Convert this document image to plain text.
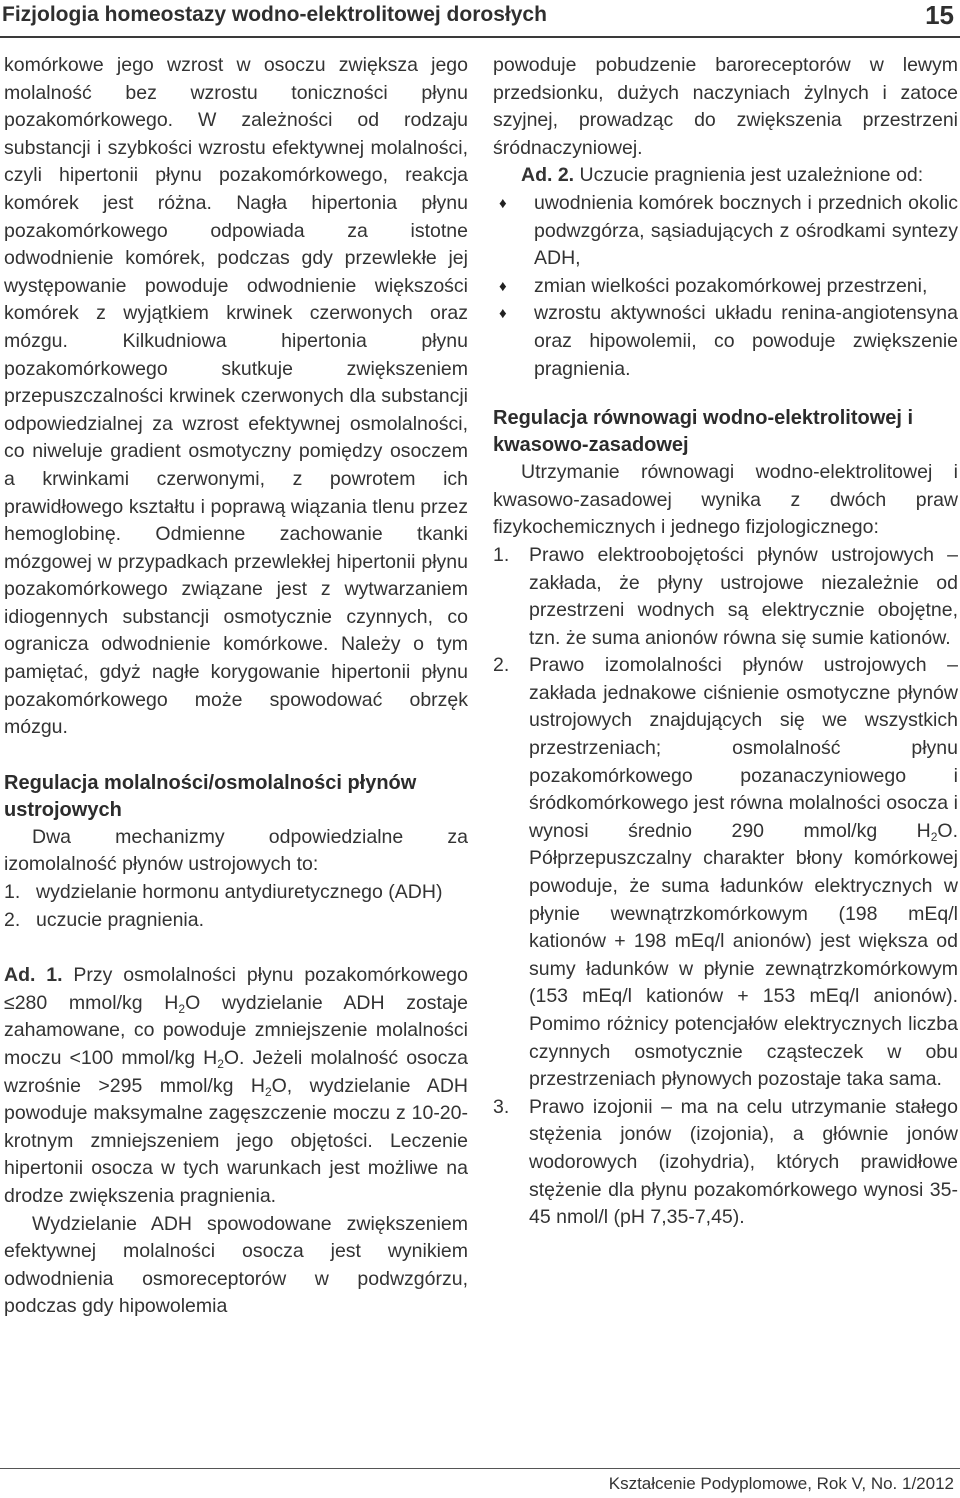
Fizjologia homeostazy wodno-elektrolitowej dorosłych	15

komórkowe jego wzrost w osoczu zwiększa jego molalność bez wzrostu toniczności płynu pozakomórkowego. W zależności od rodzaju substancji i szybkości wzrostu efektywnej molalności, czyli hipertonii płynu pozakomórkowego, reakcja komórek jest różna. Nagła hipertonia płynu pozakomórkowego odpowiada za istotne odwodnienie komórek, podczas gdy przewlekłe jej występowanie powoduje odwodnienie większości komórek z wyjątkiem krwinek czerwonych oraz mózgu. Kilkudniowa hipertonia płynu pozakomórkowego skutkuje zwiększeniem przepuszczalności krwinek czerwonych dla substancji odpowiedzialnej za wzrost efektywnej osmolalności, co niweluje gradient osmotyczny pomiędzy osoczem a krwinkami czerwonymi, z powrotem ich prawidłowego kształtu i poprawą wiązania tlenu przez hemoglobinę. Odmienne zachowanie tkanki mózgowej w przypadkach przewlekłej hipertonii płynu pozakomórkowego związane jest z wytwarzaniem idiogennych substancji osmotycznie czynnych, co ogranicza odwodnienie komórkowe. Należy o tym pamiętać, gdyż nagłe korygowanie hipertonii płynu pozakomórkowego może spowodować obrzęk mózgu.

Regulacja molalności/osmolalności płynów ustrojowych

Dwa mechanizmy odpowiedzialne za izomolalność płynów ustrojowych to:

1. wydzielanie hormonu antydiuretycznego (ADH)
2. uczucie pragnienia.

Ad. 1. Przy osmolalności płynu pozakomórkowego ≤280 mmol/kg $H_2O$ wydzielanie ADH zostaje zahamowane, co powoduje zmniejszenie molalności moczu <100 mmol/kg $H_2O$. Jeżeli molalność osocza wzrośnie >295 mmol/kg $H_2O$, wydzielanie ADH powoduje maksymalne zagęszczenie moczu z 10-20-krotnym zmniejszeniem jego objętości. Leczenie hipertonii osocza w tych warunkach jest możliwe na drodze zwiększenia pragnienia.

Wydzielanie ADH spowodowane zwiększeniem efektywnej molalności osocza jest wynikiem odwodnienia osmoreceptorów w podwzgórzu, podczas gdy hipowolemia

powoduje pobudzenie baroreceptorów w lewym przedsionku, dużych naczyniach żylnych i zatoce szyjnej, prowadząc do zwiększenia przestrzeni śródnaczyniowej.

Ad. 2. Uczucie pragnienia jest uzależnione od:

♦	uwodnienia komórek bocznych i przednich okolic podwzgórza, sąsiadujących z ośrodkami syntezy ADH,
♦	zmian wielkości pozakomórkowej przestrzeni,
♦	wzrostu aktywności układu renina-angiotensyna oraz hipowolemii, co powoduje zwiększenie pragnienia.
Regulacja równowagi wodno-elektrolitowej i kwasowo-zasadowej

Utrzymanie równowagi wodno-elektrolitowej i kwasowo-zasadowej wynika z dwóch praw fizykochemicznych i jednego fizjologicznego:

1.	Prawo elektroobojętości płynów ustrojowych – zakłada, że płyny ustrojowe niezależnie od przestrzeni wodnych są elektrycznie obojętne, tzn. że suma anionów równa się sumie kationów.
2.	Prawo izomolalności płynów ustrojowych – zakłada jednakowe ciśnienie osmotyczne płynów ustrojowych znajdujących się we wszystkich przestrzeniach; osmolalność płynu pozakomórkowego pozanaczyniowego i śródkomórkowego jest równa molalności osocza i wynosi średnio 290 mmol/kg $H_2O$. Półprzepuszczalny charakter błony komórkowej powoduje, że suma ładunków elektrycznych w płynie wewnątrzkomórkowym (198 mEq/l kationów + 198 mEq/l anionów) jest większa od sumy ładunków w płynie zewnątrzkomórkowym (153 mEq/l kationów + 153 mEq/l anionów). Pomimo różnicy potencjałów elektrycznych liczba czynnych osmotycznie cząsteczek w obu przestrzeniach płynowych pozostaje taka sama.
3.	Prawo izojonii – ma na celu utrzymanie stałego stężenia jonów (izojonia), a głównie jonów wodorowych (izohydria), których prawidłowe stężenie dla płynu pozakomórkowego wynosi 35-45 nmol/l (pH 7,35-7,45).
Kształcenie Podyplomowe, Rok V, No. 1/2012
